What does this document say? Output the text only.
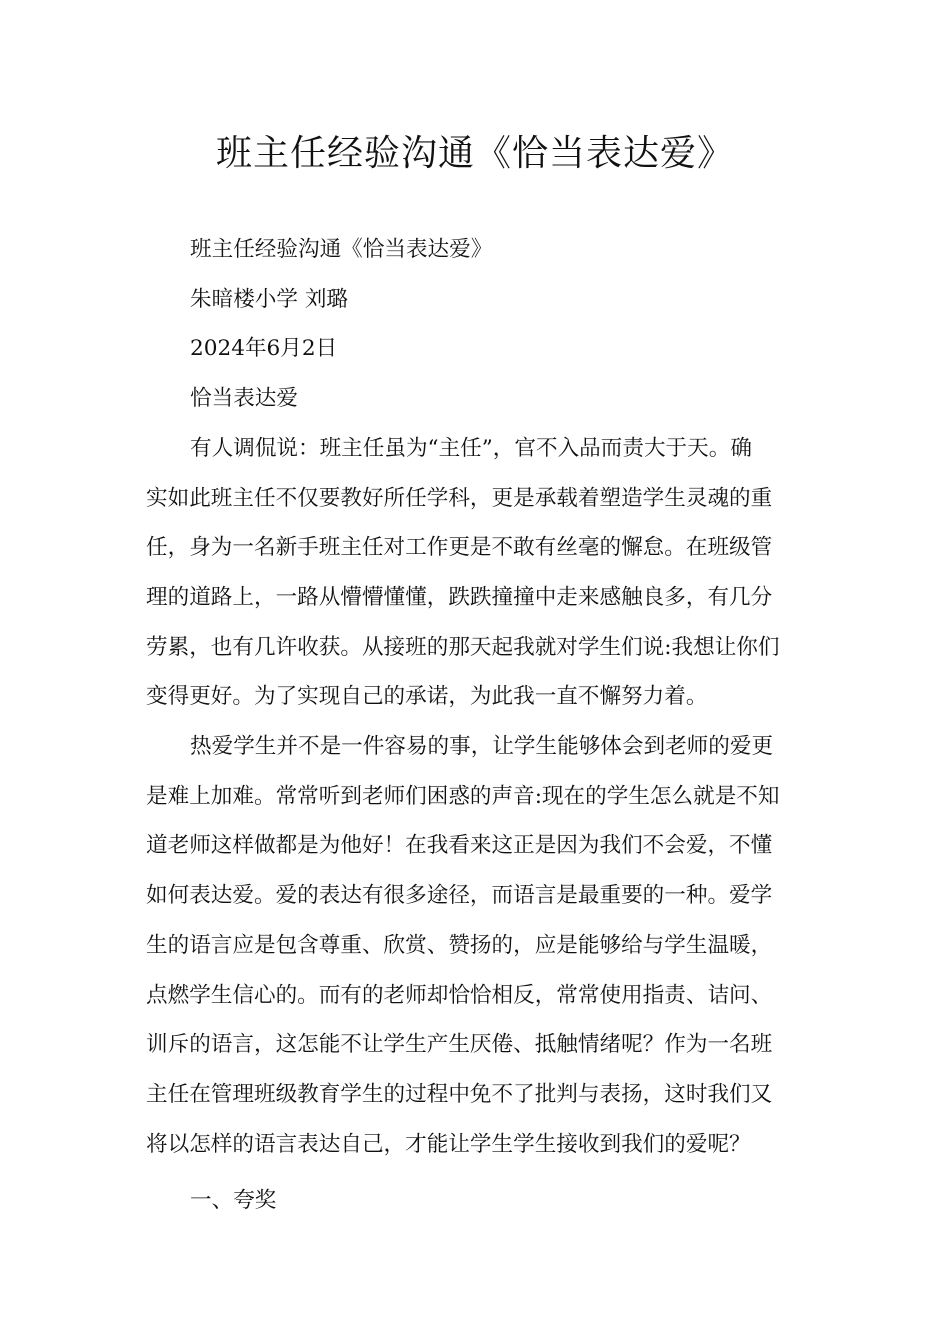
班主任经验沟通《恰当表达爱》

班主任经验沟通《恰当表达爱》

朱暗楼小学 刘璐

2024年6月2日

恰当表达爱

有人调侃说：班主任虽为“主任”，官不入品而责大于天。确

实如此班主任不仅要教好所任学科，更是承载着塑造学生灵魂的重

任，身为一名新手班主任对工作更是不敢有丝毫的懈怠。在班级管

理的道路上，一路从懵懵懂懂，跌跌撞撞中走来感触良多，有几分

劳累，也有几许收获。从接班的那天起我就对学生们说:我想让你们

变得更好。为了实现自己的承诺，为此我一直不懈努力着。

热爱学生并不是一件容易的事，让学生能够体会到老师的爱更

是难上加难。常常听到老师们困惑的声音:现在的学生怎么就是不知

道老师这样做都是为他好！在我看来这正是因为我们不会爱，不懂

如何表达爱。爱的表达有很多途径，而语言是最重要的一种。爱学

生的语言应是包含尊重、欣赏、赞扬的，应是能够给与学生温暖，

点燃学生信心的。而有的老师却恰恰相反，常常使用指责、诘问、

训斥的语言，这怎能不让学生产生厌倦、抵触情绪呢？作为一名班

主任在管理班级教育学生的过程中免不了批判与表扬，这时我们又

将以怎样的语言表达自己，才能让学生学生接收到我们的爱呢？

一、夸奖
